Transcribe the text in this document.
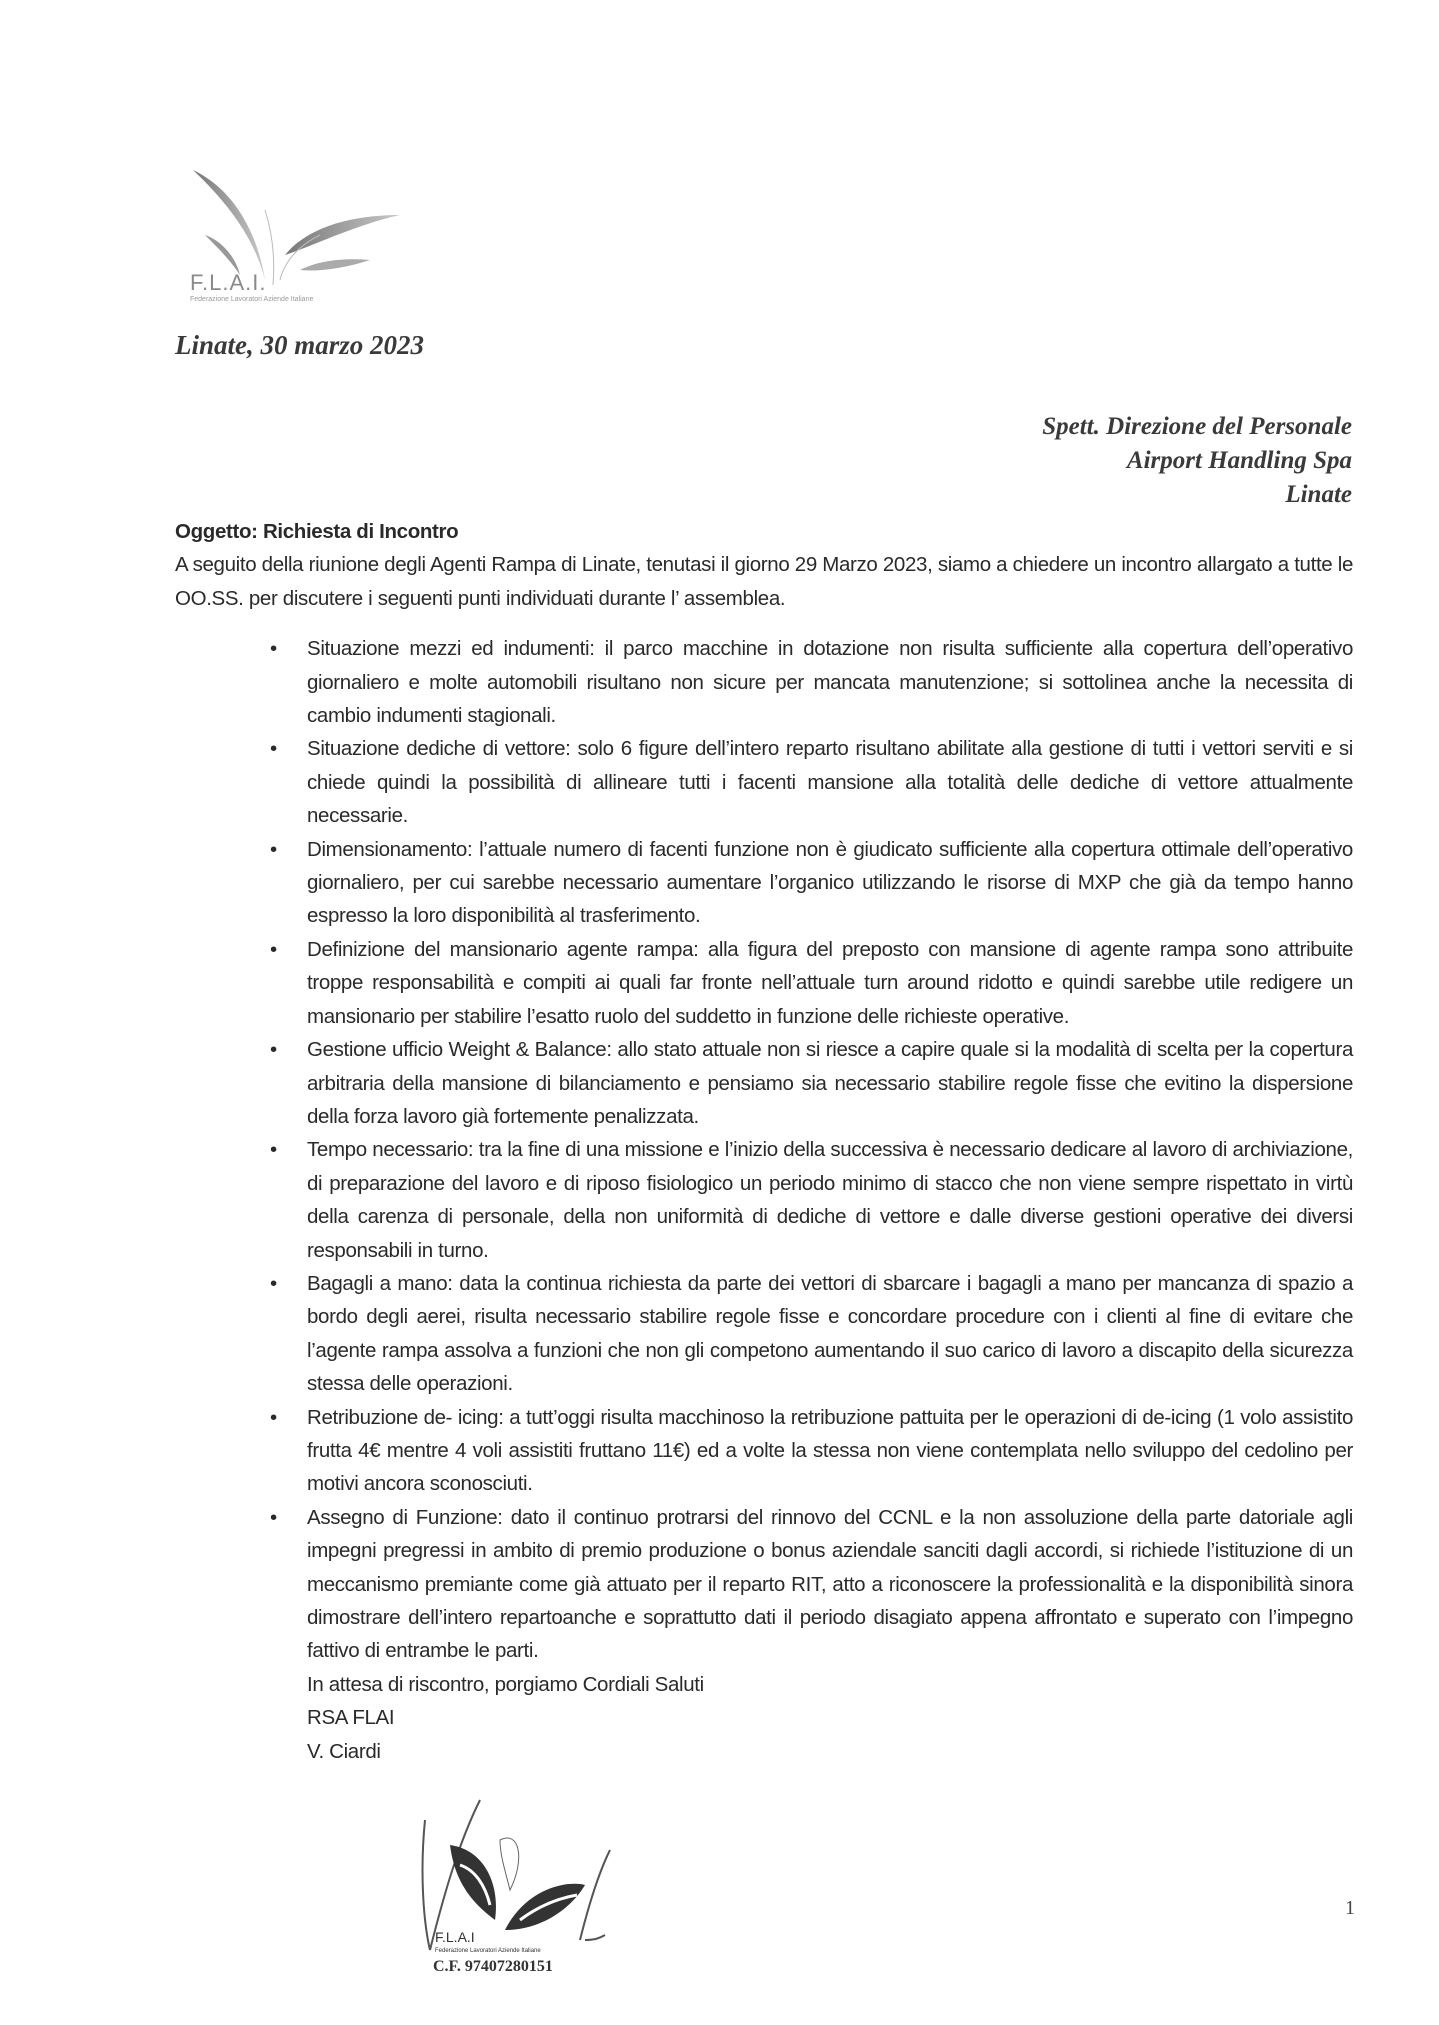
F.L.A.I.
Federazione Lavoratori Aziende Italiane
Linate, 30 marzo 2023
Spett. Direzione del Personale
Airport Handling Spa
Linate
Oggetto: Richiesta di Incontro

A seguito della riunione degli Agenti Rampa di Linate, tenutasi il giorno 29 Marzo 2023, siamo a chiedere un incontro allargato a tutte le OO.SS. per discutere i seguenti punti individuati durante l’ assemblea.

• Situazione mezzi ed indumenti: il parco macchine in dotazione non risulta sufficiente alla copertura dell’operativo giornaliero e molte automobili risultano non sicure per mancata manutenzione; si sottolinea anche la necessita di cambio indumenti stagionali.
• Situazione dediche di vettore: solo 6 figure dell’intero reparto risultano abilitate alla gestione di tutti i vettori serviti e si chiede quindi la possibilità di allineare tutti i facenti mansione alla totalità delle dediche di vettore attualmente necessarie.
• Dimensionamento: l’attuale numero di facenti funzione non è giudicato sufficiente alla copertura ottimale dell’operativo giornaliero, per cui sarebbe necessario aumentare l’organico utilizzando le risorse di MXP che già da tempo hanno espresso la loro disponibilità al trasferimento.
• Definizione del mansionario agente rampa: alla figura del preposto con mansione di agente rampa sono attribuite troppe responsabilità e compiti ai quali far fronte nell’attuale turn around ridotto e quindi sarebbe utile redigere un mansionario per stabilire l’esatto ruolo del suddetto in funzione delle richieste operative.
• Gestione ufficio Weight & Balance: allo stato attuale non si riesce a capire quale si la modalità di scelta per la copertura arbitraria della mansione di bilanciamento e pensiamo sia necessario stabilire regole fisse che evitino la dispersione della forza lavoro già fortemente penalizzata.
• Tempo necessario: tra la fine di una missione e l’inizio della successiva è necessario dedicare al lavoro di archiviazione, di preparazione del lavoro e di riposo fisiologico un periodo minimo di stacco che non viene sempre rispettato in virtù della carenza di personale, della non uniformità di dediche di vettore e dalle diverse gestioni operative dei diversi responsabili in turno.
• Bagagli a mano: data la continua richiesta da parte dei vettori di sbarcare i bagagli a mano per mancanza di spazio a bordo degli aerei, risulta necessario stabilire regole fisse e concordare procedure con i clienti al fine di evitare che l’agente rampa assolva a funzioni che non gli competono aumentando il suo carico di lavoro a discapito della sicurezza stessa delle operazioni.
• Retribuzione de- icing: a tutt’oggi risulta macchinoso la retribuzione pattuita per le operazioni di de-icing (1 volo assistito frutta 4€ mentre 4 voli assistiti fruttano 11€) ed a volte la stessa non viene contemplata nello sviluppo del cedolino per motivi ancora sconosciuti.
• Assegno di Funzione: dato il continuo protrarsi del rinnovo del CCNL e la non assoluzione della parte datoriale agli impegni pregressi in ambito di premio produzione o bonus aziendale sanciti dagli accordi, si richiede l’istituzione di un meccanismo premiante come già attuato per il reparto RIT, atto a riconoscere la professionalità e la disponibilità sinora dimostrare dell’intero repartoanche e soprattutto dati il periodo disagiato appena affrontato e superato con l’impegno fattivo di entrambe le parti.
In attesa di riscontro, porgiamo Cordiali Saluti
RSA FLAI
V. Ciardi
F.L.A.I
Federazione Lavoratori Aziende Italiane
C.F. 97407280151
1
